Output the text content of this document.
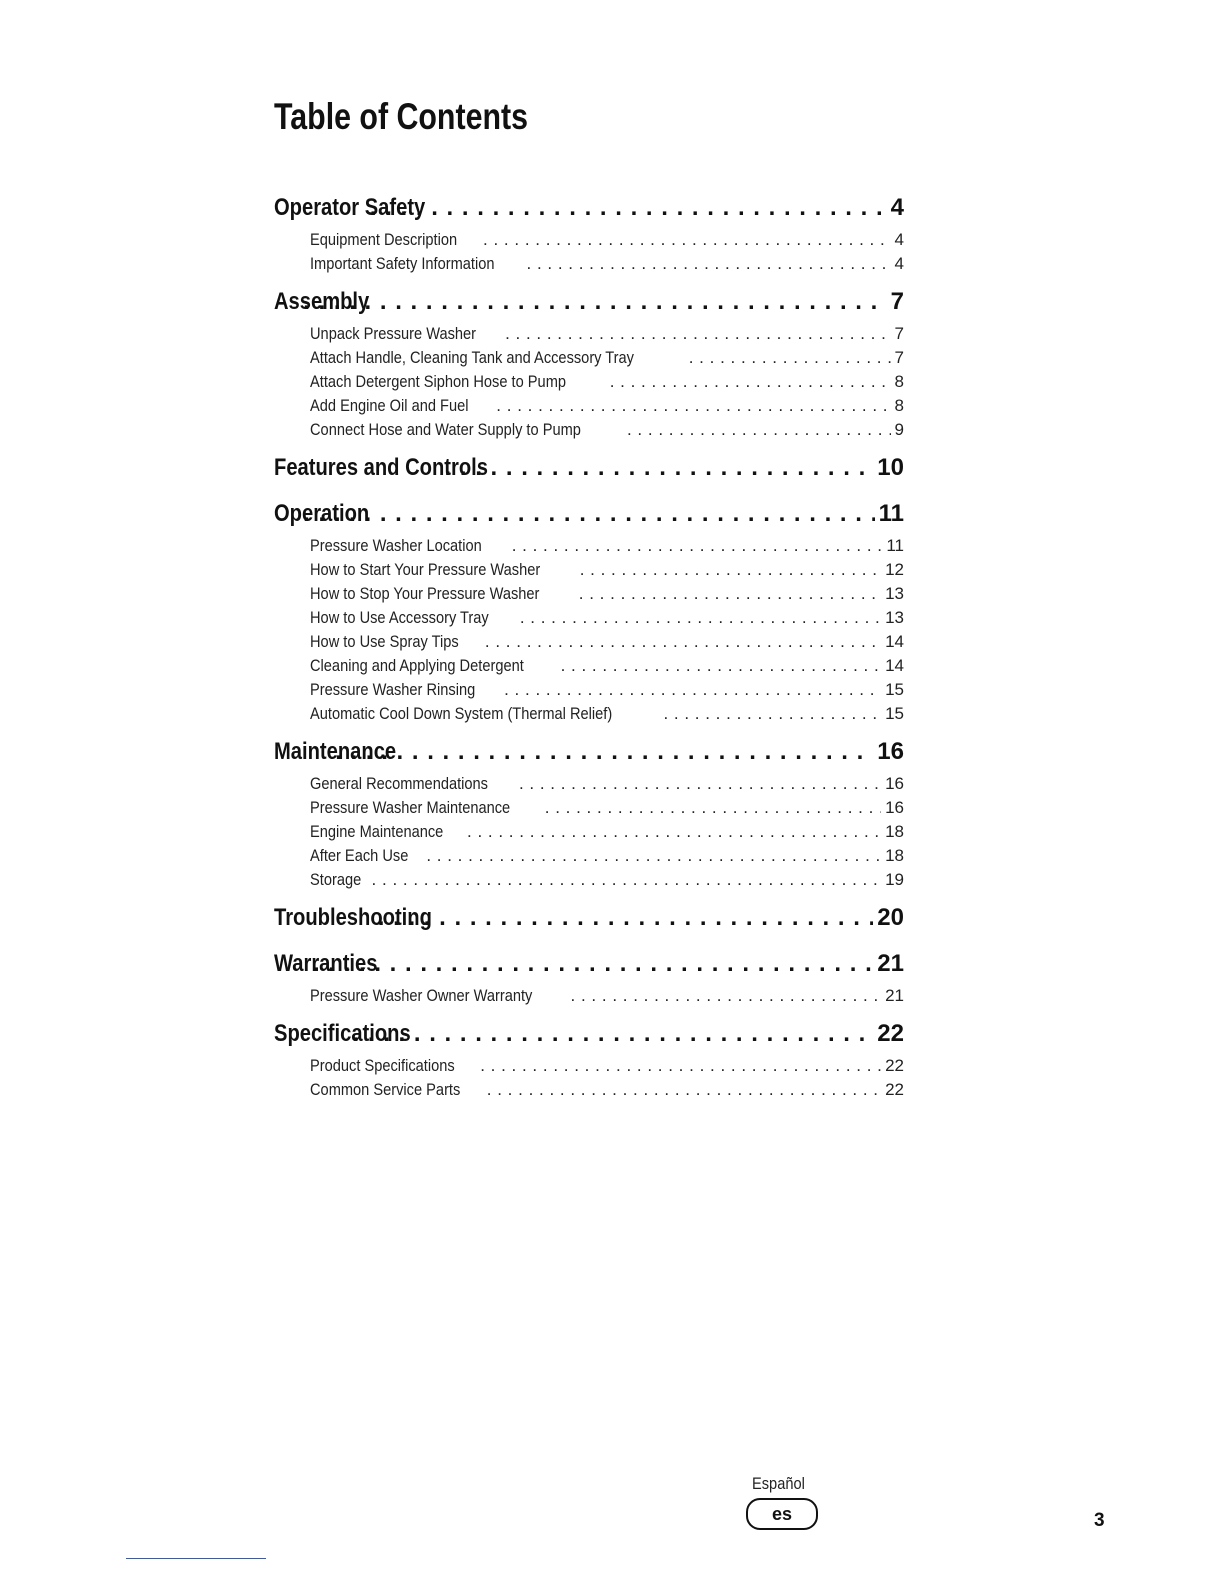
Table of Contents
Operator Safety . . .	4
Equipment Description . . .	4
Important Safety Information . . .	4
Assembly . . .	7
Unpack Pressure Washer . . .	7
Attach Handle, Cleaning Tank and Accessory Tray . . .	7
Attach Detergent Siphon Hose to Pump . . .	8
Add Engine Oil and Fuel . . .	8
Connect Hose and Water Supply to Pump . . .	9
Features and Controls . . .	10
Operation . . .	11
Pressure Washer Location . . .	11
How to Start Your Pressure Washer . . .	12
How to Stop Your Pressure Washer . . .	13
How to Use Accessory Tray . . .	13
How to Use Spray Tips . . .	14
Cleaning and Applying Detergent . . .	14
Pressure Washer Rinsing . . .	15
Automatic Cool Down System (Thermal Relief) . . .	15
Maintenance . . .	16
General Recommendations . . .	16
Pressure Washer Maintenance . . .	16
Engine Maintenance . . .	18
After Each Use . . .	18
Storage . . .	19
Troubleshooting . . .	20
Warranties . . .	21
Pressure Washer Owner Warranty . . .	21
Specifications . . .	22
Product Specifications . . .	22
Common Service Parts . . .	22
Español
es	3
